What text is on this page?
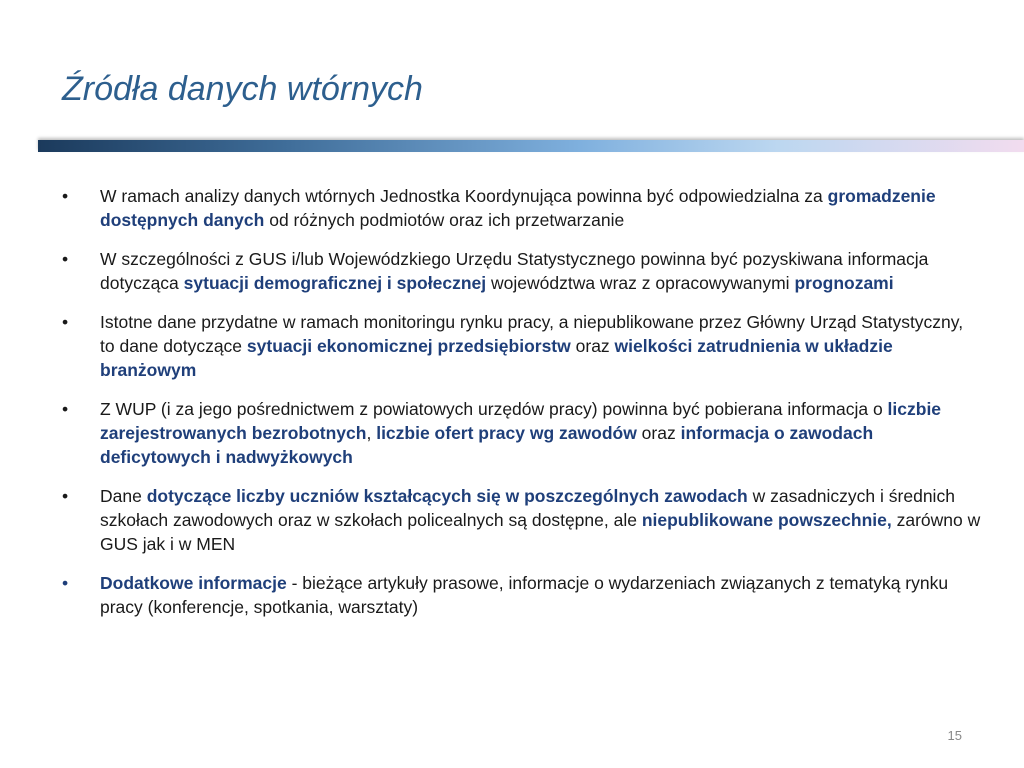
Źródła danych wtórnych
• W ramach analizy danych wtórnych Jednostka Koordynująca powinna być odpowiedzialna za gromadzenie dostępnych danych od różnych podmiotów oraz ich przetwarzanie
• W szczególności z GUS i/lub Wojewódzkiego Urzędu Statystycznego powinna być pozyskiwana informacja dotycząca sytuacji demograficznej i społecznej województwa wraz z opracowywanymi prognozami
• Istotne dane przydatne w ramach monitoringu rynku pracy, a niepublikowane przez Główny Urząd Statystyczny, to dane dotyczące sytuacji ekonomicznej przedsiębiorstw oraz wielkości zatrudnienia w układzie branżowym
• Z WUP (i za jego pośrednictwem z powiatowych urzędów pracy) powinna być pobierana informacja o liczbie zarejestrowanych bezrobotnych, liczbie ofert pracy wg zawodów oraz informacja o zawodach deficytowych i nadwyżkowych
• Dane dotyczące liczby uczniów kształcących się w poszczególnych zawodach w zasadniczych i średnich szkołach zawodowych oraz w szkołach policealnych są dostępne, ale niepublikowane powszechnie, zarówno w GUS jak i w MEN
• Dodatkowe informacje - bieżące artykuły prasowe, informacje o wydarzeniach związanych z tematyką rynku pracy (konferencje, spotkania, warsztaty)
15
